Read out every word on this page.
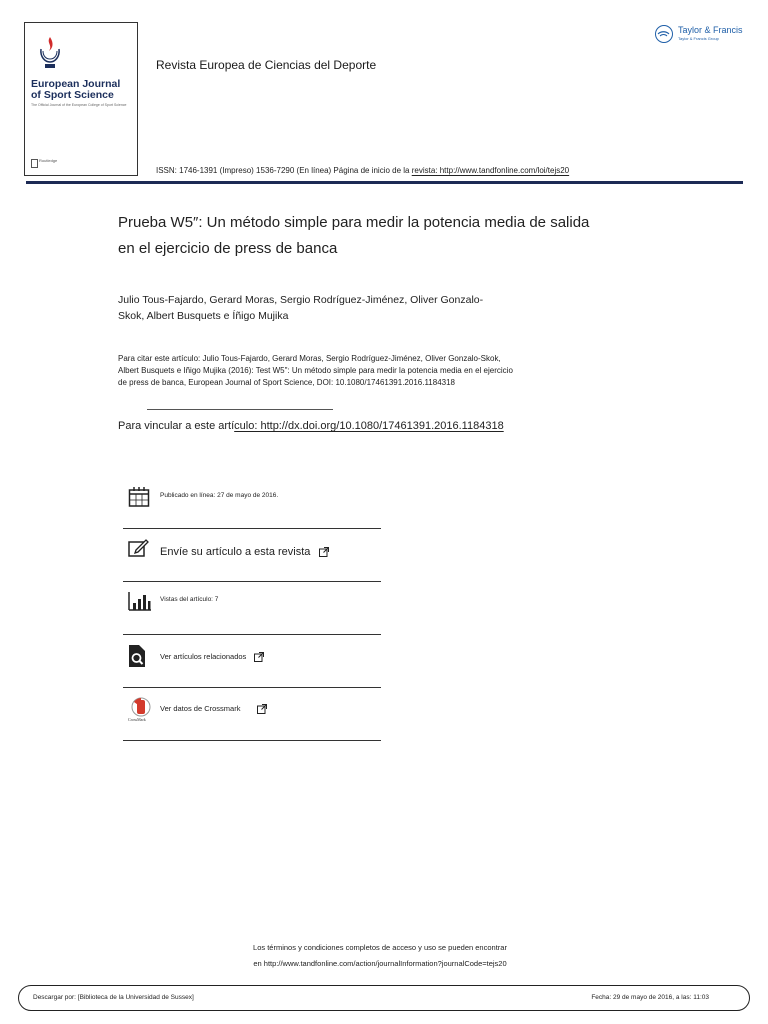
European Journal
of Sport Science
The Official Journal of the European College of Sport Science
Routledge
Revista Europea de Ciencias del Deporte
ISSN: 1746-1391 (Impreso) 1536-7290 (En línea) Página de inicio de la revista: http://www.tandfonline.com/loi/tejs20
Taylor & Francis
Taylor & Francis Group
Prueba W5″: Un método simple para medir la potencia media de salida
en el ejercicio de press de banca
Julio Tous-Fajardo, Gerard Moras, Sergio Rodríguez-Jiménez, Oliver Gonzalo-
Skok, Albert Busquets e Íñigo Mujika
Para citar este artículo: Julio Tous-Fajardo, Gerard Moras, Sergio Rodríguez-Jiménez, Oliver Gonzalo-Skok,
Albert Busquets e Iñigo Mujika (2016): Test W5": Un método simple para medir la potencia media en el ejercicio
de press de banca, European Journal of Sport Science, DOI: 10.1080/17461391.2016.1184318
Para vincular a este artículo: http://dx.doi.org/10.1080/17461391.2016.1184318
Publicado en línea: 27 de mayo de 2016.
Envíe su artículo a esta revista
Vistas del artículo: 7
Ver artículos relacionados
CrossMark
Ver datos de Crossmark
Los términos y condiciones completos de acceso y uso se pueden encontrar
en http://www.tandfonline.com/action/journalInformation?journalCode=tejs20
Descargar por: [Biblioteca de la Universidad de Sussex]	Fecha: 29 de mayo de 2016, a las: 11:03
